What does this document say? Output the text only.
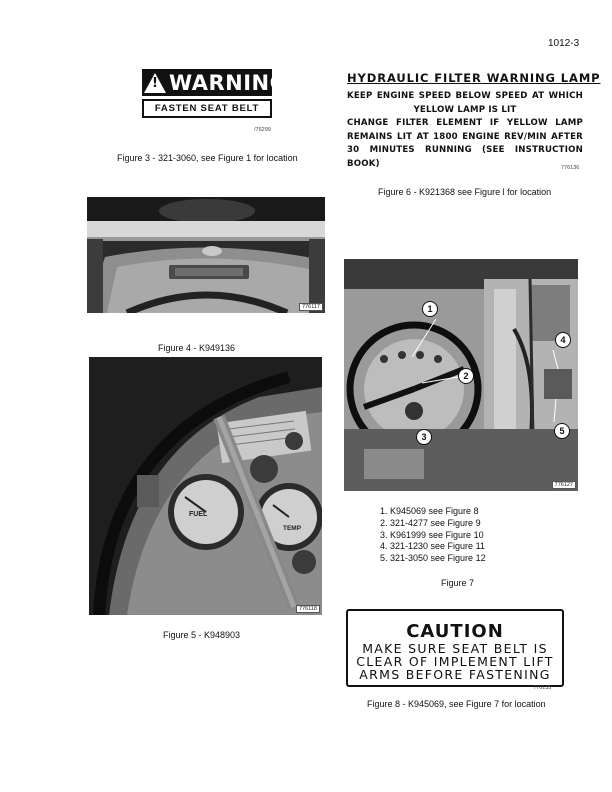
1012-3
! WARNING
FASTEN SEAT BELT
/76299
Figure 3 - 321-3060, see Figure 1 for location
HYDRAULIC FILTER WARNING LAMP
KEEP ENGINE SPEED BELOW SPEED AT WHICH
YELLOW LAMP IS LIT
CHANGE FILTER ELEMENT IF YELLOW LAMP
REMAINS LIT AT 1800 ENGINE REV/MIN AFTER
30 MINUTES RUNNING (SEE INSTRUCTION BOOK)	776136
Figure 6 - K921368 see Figure l for location
776117
Figure 4 - K949136
FUEL
TEMP
776118
Figure 5 - K948903
1
2
3
4
5
776127
1. K945069 see Figure 8
2. 321-4277 see Figure 9
3. K961999 see Figure 10
4. 321-1230 see Figure 11
5. 321-3050 see Figure 12
Figure 7
CAUTION
MAKE SURE SEAT BELT IS
CLEAR OF IMPLEMENT LIFT
ARMS BEFORE FASTENING
776135
Figure 8 - K945069, see Figure 7 for location
